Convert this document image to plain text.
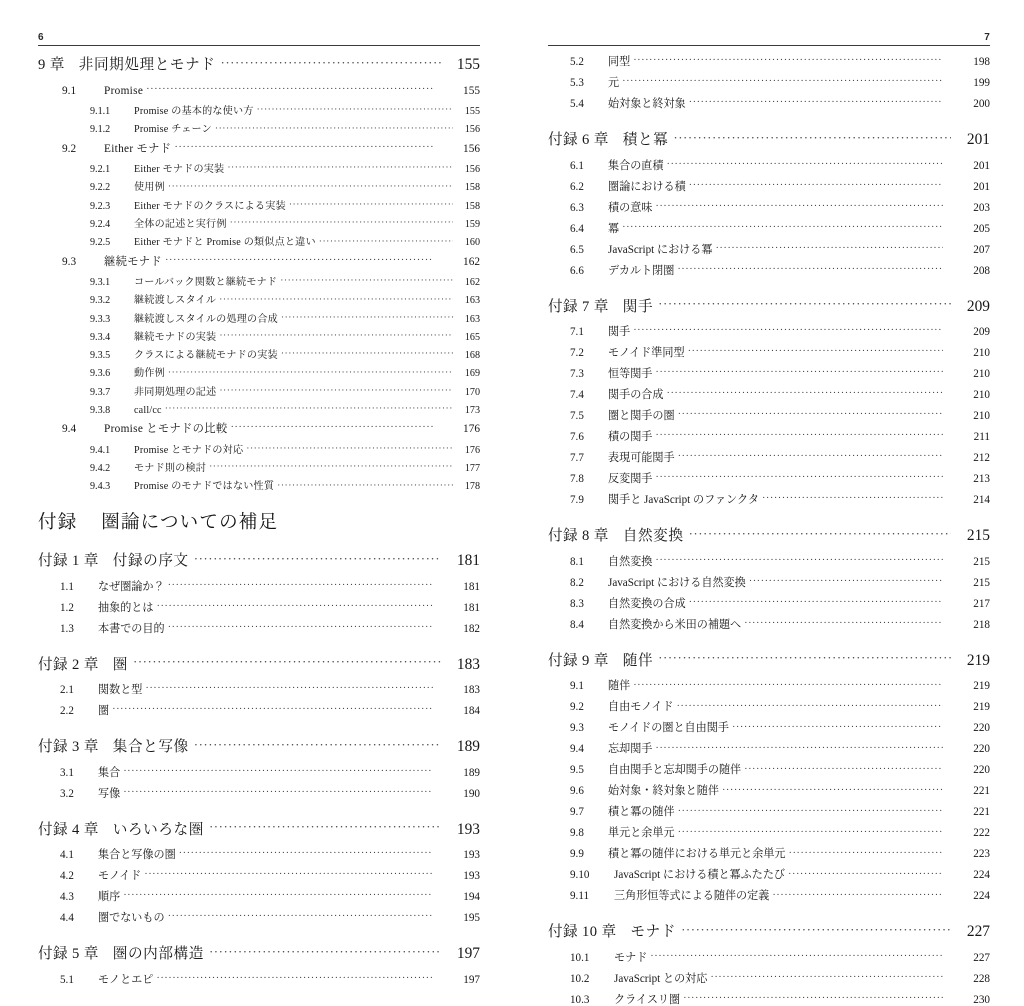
6
9 章 非同期処理とモナド ·····	155
9.1	Promise ·····	155
9.1.1	Promise の基本的な使い方 ·····	155
9.1.2	Promise チェーン ·····	156
9.2	Either モナド ·····	156
9.2.1	Either モナドの実装 ·····	156
9.2.2	使用例 ·····	158
9.2.3	Either モナドのクラスによる実装 ·····	158
9.2.4	全体の記述と実行例 ·····	159
9.2.5	Either モナドと Promise の類似点と違い ·····	160
9.3	継続モナド ·····	162
9.3.1	コールバック関数と継続モナド ·····	162
9.3.2	継続渡しスタイル ·····	163
9.3.3	継続渡しスタイルの処理の合成 ·····	163
9.3.4	継続モナドの実装 ·····	165
9.3.5	クラスによる継続モナドの実装 ·····	168
9.3.6	動作例 ·····	169
9.3.7	非同期処理の記述 ·····	170
9.3.8	call/cc ·····	173
9.4	Promise とモナドの比較 ·····	176
9.4.1	Promise とモナドの対応 ·····	176
9.4.2	モナド則の検討 ·····	177
9.4.3	Promise のモナドではない性質 ·····	178
付録 圏論についての補足
付録 1 章 付録の序文 ·····	181
1.1	なぜ圏論か？ ·····	181
1.2	抽象的とは ·····	181
1.3	本書での目的 ·····	182
付録 2 章 圏 ·····	183
2.1	関数と型 ·····	183
2.2	圏 ·····	184
付録 3 章 集合と写像 ·····	189
3.1	集合 ·····	189
3.2	写像 ·····	190
付録 4 章 いろいろな圏 ·····	193
4.1	集合と写像の圏 ·····	193
4.2	モノイド ·····	193
4.3	順序 ·····	194
4.4	圏でないもの ·····	195
付録 5 章 圏の内部構造 ·····	197
5.1	モノとエピ ·····	197
7
5.2	同型 ·····	198
5.3	元 ·····	199
5.4	始対象と終対象 ·····	200
付録 6 章 積と冪 ·····	201
6.1	集合の直積 ·····	201
6.2	圏論における積 ·····	201
6.3	積の意味 ·····	203
6.4	冪 ·····	205
6.5	JavaScript における冪 ·····	207
6.6	デカルト閉圏 ·····	208
付録 7 章 関手 ·····	209
7.1	関手 ·····	209
7.2	モノイド準同型 ·····	210
7.3	恒等関手 ·····	210
7.4	関手の合成 ·····	210
7.5	圏と関手の圏 ·····	210
7.6	積の関手 ·····	211
7.7	表現可能関手 ·····	212
7.8	反変関手 ·····	213
7.9	関手と JavaScript のファンクタ ·····	214
付録 8 章 自然変換 ·····	215
8.1	自然変換 ·····	215
8.2	JavaScript における自然変換 ·····	215
8.3	自然変換の合成 ·····	217
8.4	自然変換から米田の補題へ ·····	218
付録 9 章 随伴 ·····	219
9.1	随伴 ·····	219
9.2	自由モノイド ·····	219
9.3	モノイドの圏と自由関手 ·····	220
9.4	忘却関手 ·····	220
9.5	自由関手と忘却関手の随伴 ·····	220
9.6	始対象・終対象と随伴 ·····	221
9.7	積と冪の随伴 ·····	221
9.8	単元と余単元 ·····	222
9.9	積と冪の随伴における単元と余単元 ·····	223
9.10	JavaScript における積と冪ふたたび ·····	224
9.11	三角形恒等式による随伴の定義 ·····	224
付録 10 章 モナド ·····	227
10.1	モナド ·····	227
10.2	JavaScript との対応 ·····	228
10.3	クライスリ圏 ·····	230
